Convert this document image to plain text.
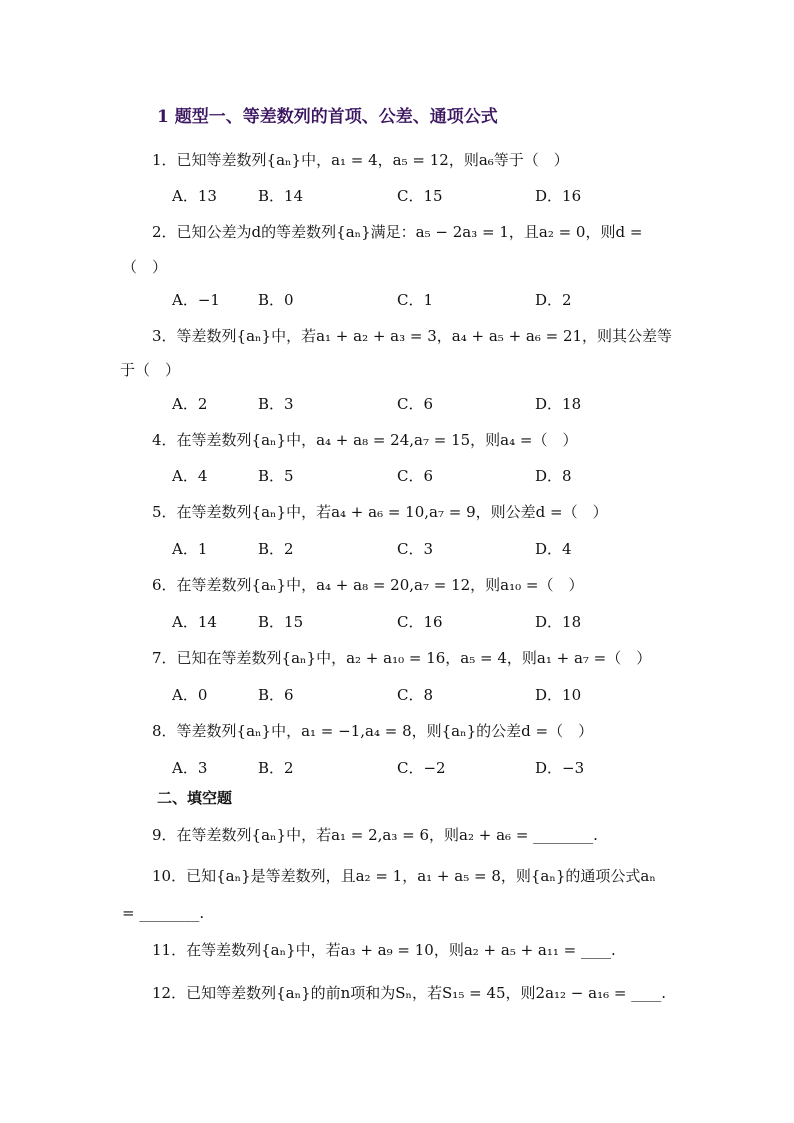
1 题型一、等差数列的首项、公差、通项公式
1．已知等差数列{aₙ}中，a₁ = 4，a₅ = 12，则a₆等于（　）
A．13	B．14	C．15	D．16
2．已知公差为d的等差数列{aₙ}满足：a₅ − 2a₃ = 1，且a₂ = 0，则d =
（　）
A．−1	B．0	C．1	D．2
3．等差数列{aₙ}中，若a₁ + a₂ + a₃ = 3，a₄ + a₅ + a₆ = 21，则其公差等
于（　）
A．2	B．3	C．6	D．18
4．在等差数列{aₙ}中，a₄ + a₈ = 24,a₇ = 15，则a₄ =（　）
A．4	B．5	C．6	D．8
5．在等差数列{aₙ}中，若a₄ + a₆ = 10,a₇ = 9，则公差d =（　）
A．1	B．2	C．3	D．4
6．在等差数列{aₙ}中，a₄ + a₈ = 20,a₇ = 12，则a₁₀ =（　）
A．14	B．15	C．16	D．18
7．已知在等差数列{aₙ}中，a₂ + a₁₀ = 16，a₅ = 4，则a₁ + a₇ =（　）
A．0	B．6	C．8	D．10
8．等差数列{aₙ}中，a₁ = −1,a₄ = 8，则{aₙ}的公差d =（　）
A．3	B．2	C．−2	D．−3
二、填空题
9．在等差数列{aₙ}中，若a₁ = 2,a₃ = 6，则a₂ + a₆ = ________.
10．已知{aₙ}是等差数列，且a₂ = 1，a₁ + a₅ = 8，则{aₙ}的通项公式aₙ
= ________.
11．在等差数列{aₙ}中，若a₃ + a₉ = 10，则a₂ + a₅ + a₁₁ = ____.
12．已知等差数列{aₙ}的前n项和为Sₙ，若S₁₅ = 45，则2a₁₂ − a₁₆ = ____.
